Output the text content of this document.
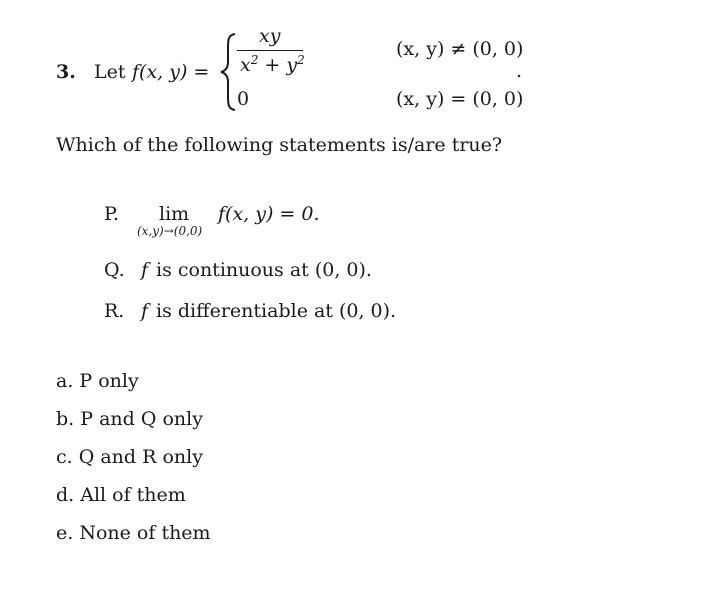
3. Let f(x, y) =
xy
$x^2 + y^2$	(x, y) ≠ (0, 0)
0	(x, y) = (0, 0)
.
Which of the following statements is/are true?
P. lim
(x,y)→(0,0)
f(x, y) = 0.
Q. f is continuous at (0, 0).
R. f is differentiable at (0, 0).
a. P only
b. P and Q only
c. Q and R only
d. All of them
e. None of them
